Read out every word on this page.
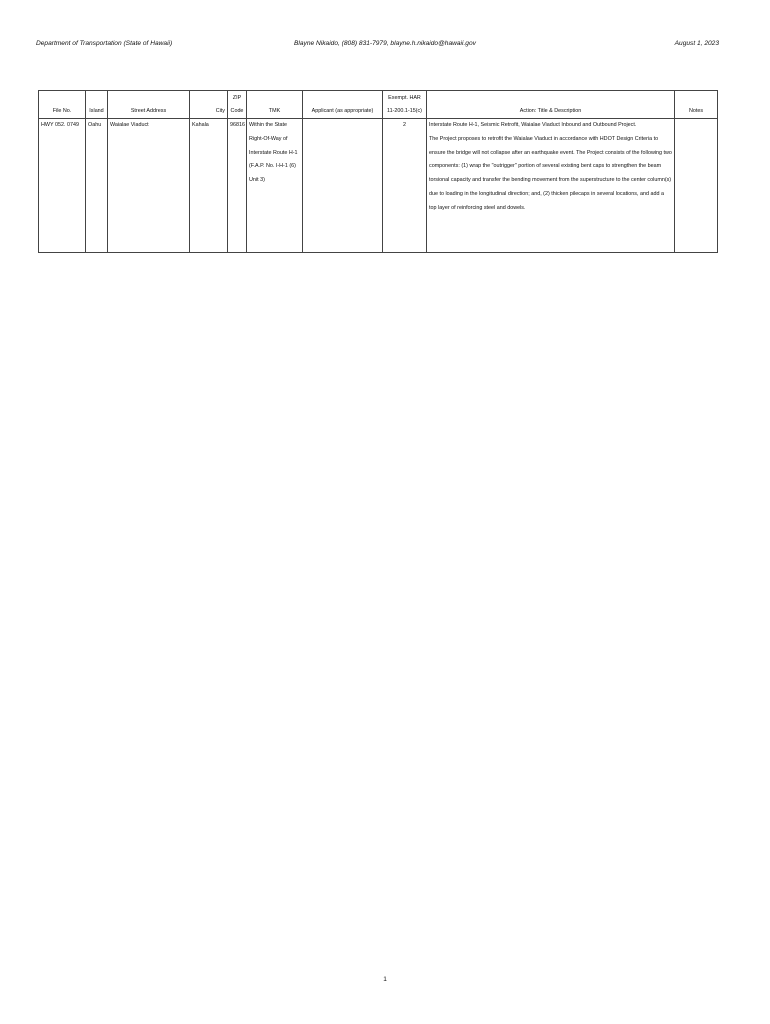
Department of Transportation (State of Hawaii)	Blayne Nikaido, (808) 831-7979, blayne.h.nikaido@hawaii.gov	August 1, 2023
File No.	Island	Street Address	City	ZIP Code	TMK	Applicant (as appropriate)	Exempt. HAR 11-200.1-15(c)	Action: Title & Description	Notes
HWY 052. 0749	Oahu	Waialae Viaduct	Kahala	96816	Within the State Right-Of-Way of Interstate Route H-1 (F.A.P. No. I-H-1 (6) Unit 3)		2	Interstate Route H-1, Seismic Retrofit, Waialae Viaduct Inbound and Outbound Project.
The Project proposes to retrofit the Waialae Viaduct in accordance with HDOT Design Criteria to ensure the bridge will not collapse after an earthquake event. The Project consists of the following two components: (1) wrap the "outrigger" portion of several existing bent caps to strengthen the beam torsional capacity and transfer the bending movement from the superstructure to the center column(s) due to loading in the longitudinal direction; and, (2) thicken pilecaps in several locations, and add a top layer of reinforcing steel and dowels.	

1
